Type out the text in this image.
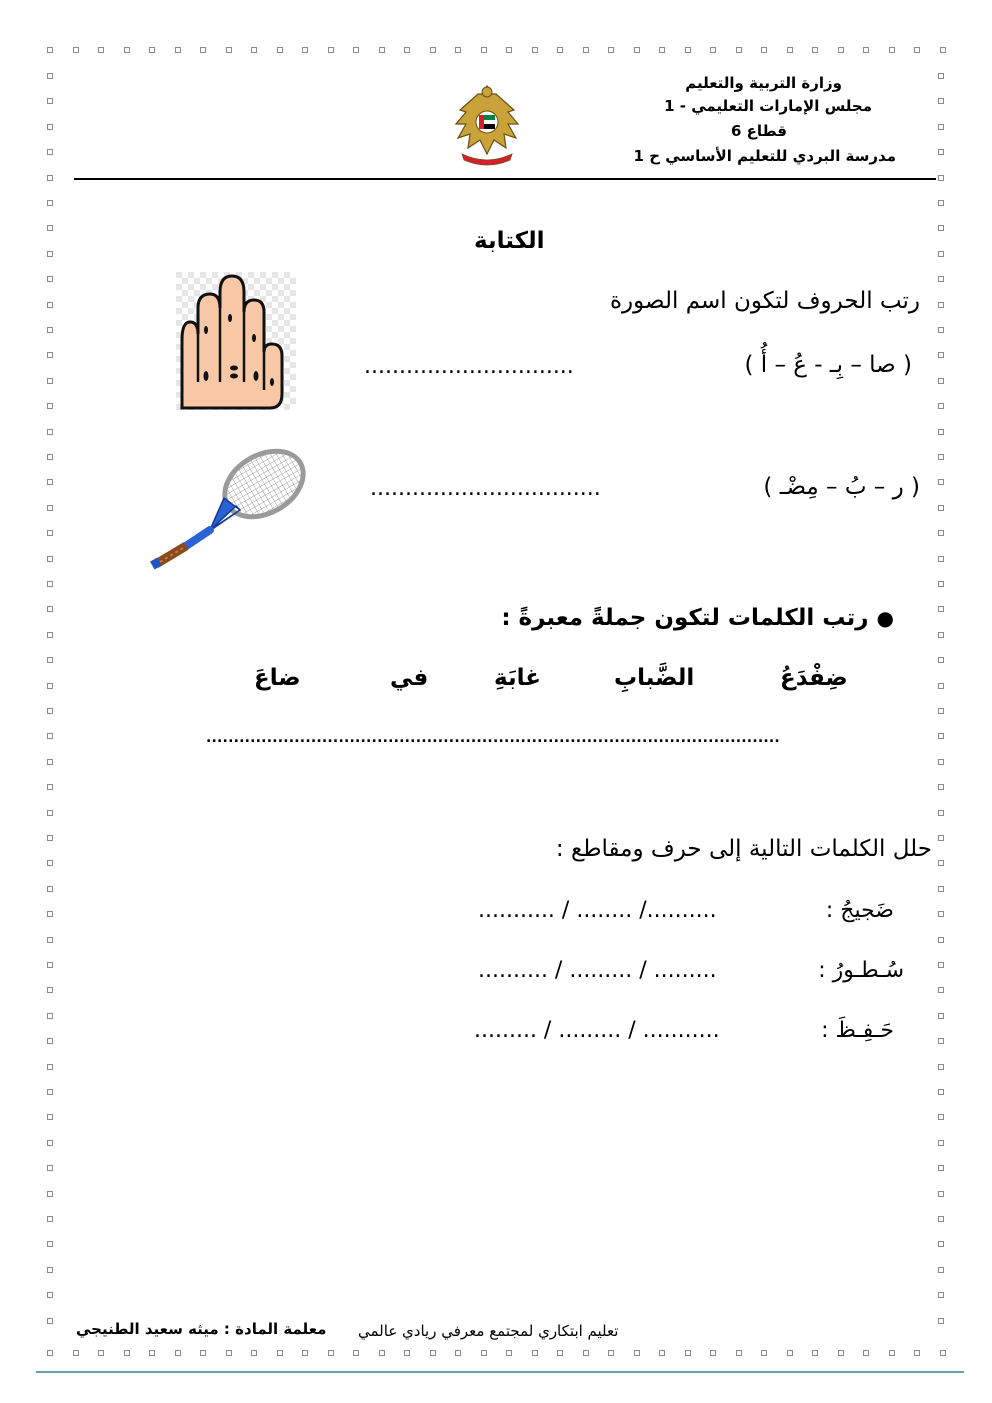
وزارة التربية والتعليم
مجلس الإمارات التعليمي - 1
قطاع 6
مدرسة البردي للتعليم الأساسي ح 1
الكتابة
رتب الحروف لتكون اسم الصورة
( صا – بِـ - عُ – أُ )
..............................
( ر – بُ – مِضْـ )
.................................
● رتب الكلمات لتكون جملةً معبرةً :
ضِفْدَعُ
الضَّبابِ
غابَةِ
في
ضاعَ
........................................................................................................
حلل الكلمات التالية إلى حرف ومقاطع :
ضَجيجُ :
........... / ........ /..........
سُـطـورُ :
.......... / ......... / .........
حَـفِـظَ :
......... / ......... / ...........
معلمة المادة : ميثه سعيد الطنيجي تعليم ابتكاري لمجتمع معرفي ريادي عالمي
